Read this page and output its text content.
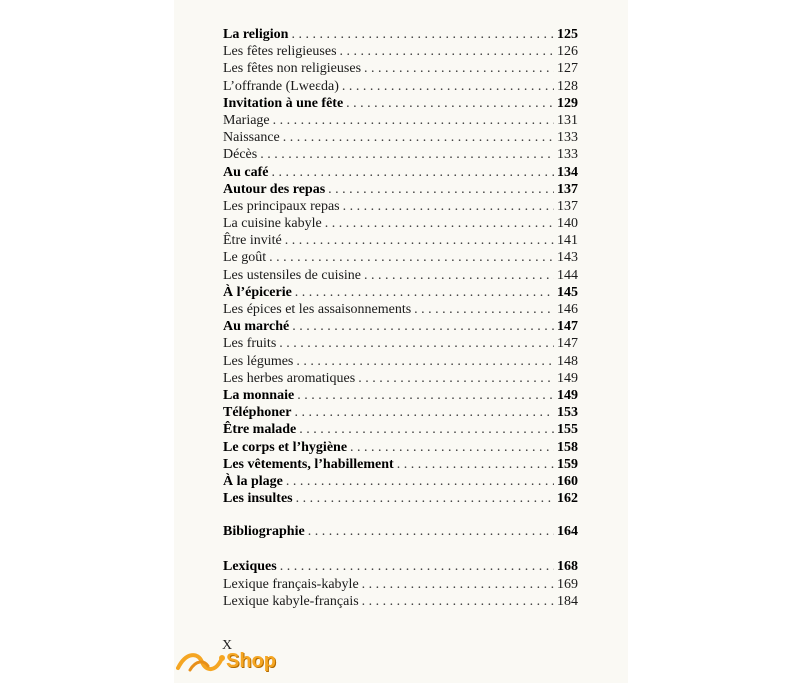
La religion . . .	125
Les fêtes religieuses . . .	126
Les fêtes non religieuses . . .	127
L’offrande (Lweɛda) . . .	128
Invitation à une fête . . .	129
Mariage . . .	131
Naissance . . .	133
Décès . . .	133
Au café . . .	134
Autour des repas . . .	137
Les principaux repas . . .	137
La cuisine kabyle . . .	140
Être invité . . .	141
Le goût . . .	143
Les ustensiles de cuisine . . .	144
À l’épicerie . . .	145
Les épices et les assaisonnements . . .	146
Au marché . . .	147
Les fruits . . .	147
Les légumes . . .	148
Les herbes aromatiques . . .	149
La monnaie . . .	149
Téléphoner . . .	153
Être malade . . .	155
Le corps et l’hygiène . . .	158
Les vêtements, l’habillement . . .	159
À la plage . . .	160
Les insultes . . .	162
Bibliographie . . .	164
Lexiques . . .	168
Lexique français-kabyle . . .	169
Lexique kabyle-français . . .	184
X
Shop
